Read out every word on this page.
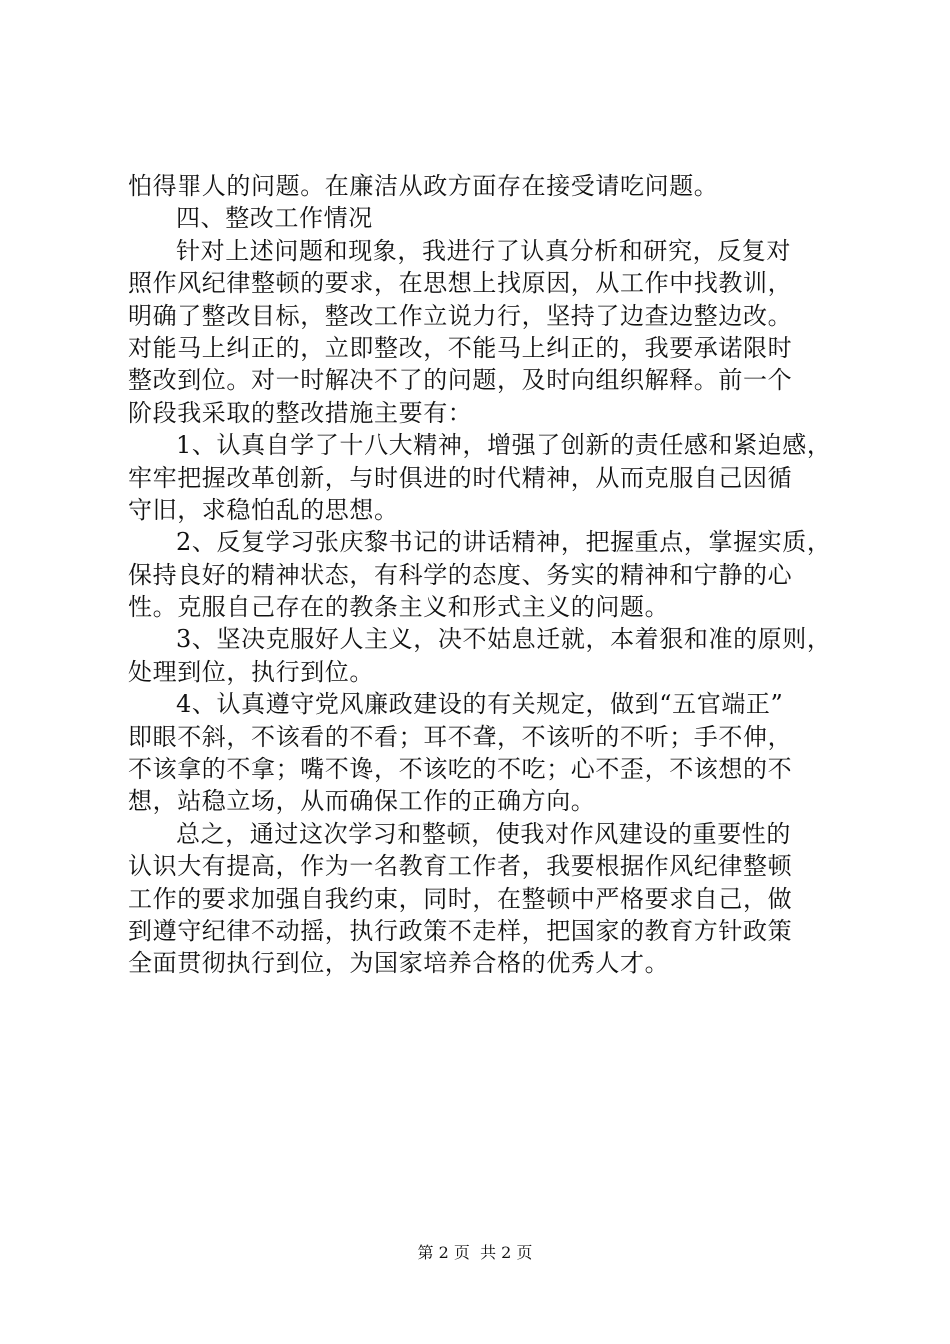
怕得罪人的问题。在廉洁从政方面存在接受请吃问题。
四、整改工作情况
针对上述问题和现象，我进行了认真分析和研究，反复对
照作风纪律整顿的要求，在思想上找原因，从工作中找教训，
明确了整改目标，整改工作立说力行，坚持了边查边整边改。
对能马上纠正的，立即整改，不能马上纠正的，我要承诺限时
整改到位。对一时解决不了的问题，及时向组织解释。前一个
阶段我采取的整改措施主要有：
1、认真自学了十八大精神，增强了创新的责任感和紧迫感，
牢牢把握改革创新，与时俱进的时代精神，从而克服自己因循
守旧，求稳怕乱的思想。
2、反复学习张庆黎书记的讲话精神，把握重点，掌握实质，
保持良好的精神状态，有科学的态度、务实的精神和宁静的心
性。克服自己存在的教条主义和形式主义的问题。
3、坚决克服好人主义，决不姑息迁就，本着狠和准的原则，
处理到位，执行到位。
4、认真遵守党风廉政建设的有关规定，做到“五官端正”
即眼不斜，不该看的不看；耳不聋，不该听的不听；手不伸，
不该拿的不拿；嘴不谗，不该吃的不吃；心不歪，不该想的不
想，站稳立场，从而确保工作的正确方向。
总之，通过这次学习和整顿，使我对作风建设的重要性的
认识大有提高，作为一名教育工作者，我要根据作风纪律整顿
工作的要求加强自我约束，同时，在整顿中严格要求自己，做
到遵守纪律不动摇，执行政策不走样，把国家的教育方针政策
全面贯彻执行到位，为国家培养合格的优秀人才。
第 2 页  共 2 页
